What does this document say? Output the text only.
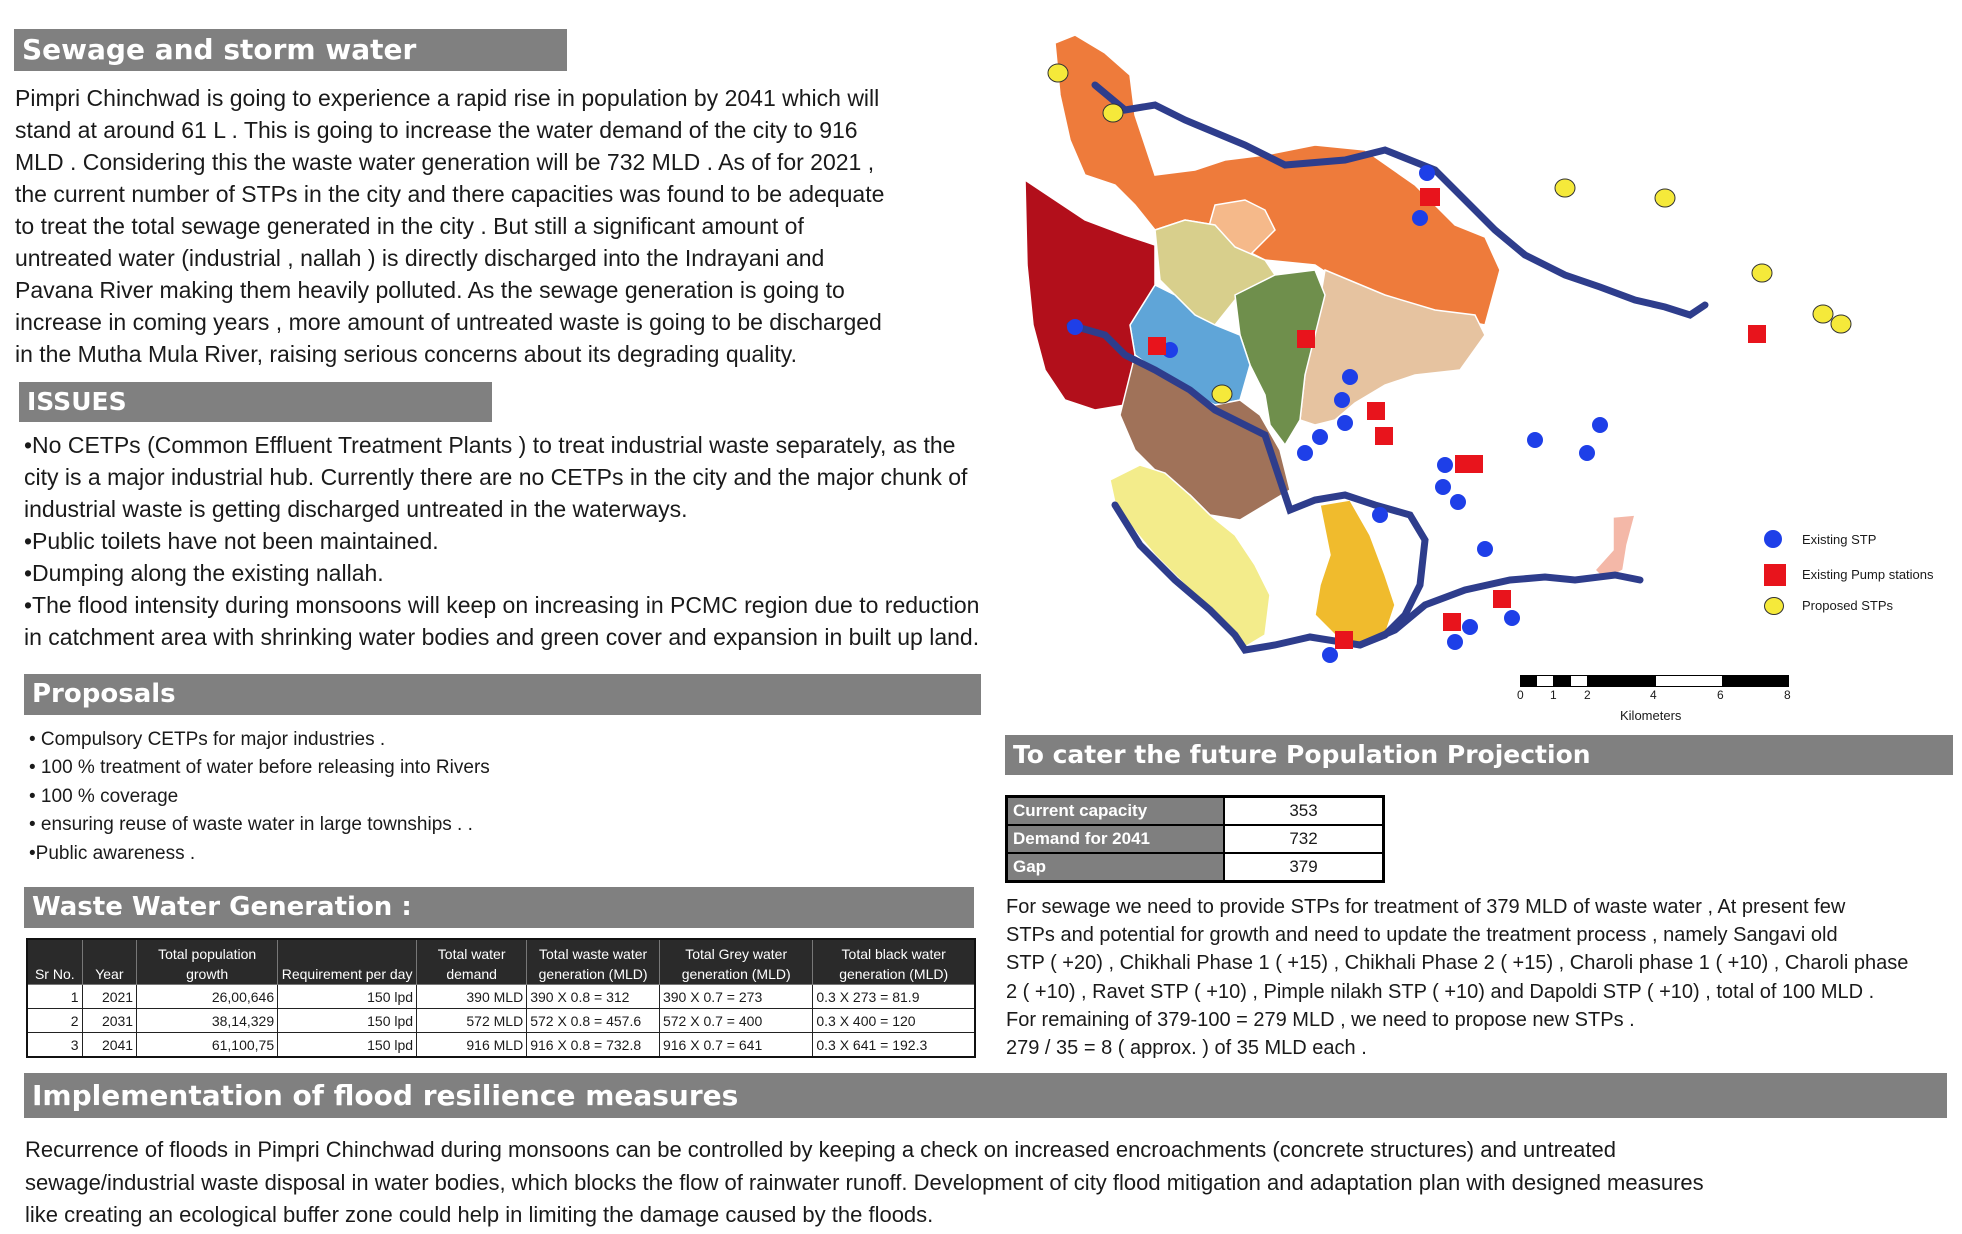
Sewage and storm water
Pimpri Chinchwad is going to experience a rapid rise in population by 2041 which will
stand at around 61 L . This is going to increase the water demand of the city to 916
MLD . Considering this the waste water generation will be 732 MLD . As of for 2021 ,
the current number of STPs in the city and there capacities was found to be adequate
to treat the total sewage generated in the city . But still a significant amount of
untreated water (industrial , nallah ) is directly discharged into the Indrayani and
Pavana River making them heavily polluted. As the sewage generation is going to
increase in coming years , more amount of untreated waste is going to be discharged
in the Mutha Mula River, raising serious concerns about its degrading quality.
ISSUES
•No CETPs (Common Effluent Treatment Plants ) to treat industrial waste separately, as the
city is a major industrial hub. Currently there are no CETPs in the city and the major chunk of
industrial waste is getting discharged untreated in the waterways.
•Public toilets have not been maintained.
•Dumping along the existing nallah.
•The flood intensity during monsoons will keep on increasing in PCMC region due to reduction
in catchment area with shrinking water bodies and green cover and expansion in built up land.
Proposals
• Compulsory CETPs for major industries .
• 100 % treatment of water before releasing into Rivers
• 100 % coverage
• ensuring reuse of waste water in large townships . .
•Public awareness .
Waste Water Generation :
Sr No.	Year	Total population growth	Requirement per day	Total water demand	Total waste water generation (MLD)	Total Grey water generation (MLD)	Total black water generation (MLD)
1	2021	26,00,646	150 lpd	390 MLD	390 X 0.8 = 312	390 X 0.7 = 273	0.3 X 273 = 81.9
2	2031	38,14,329	150 lpd	572 MLD	572 X 0.8 = 457.6	572 X 0.7 = 400	0.3 X 400 = 120
3	2041	61,100,75	150 lpd	916 MLD	916 X 0.8 = 732.8	916 X 0.7 = 641	0.3 X 641 = 192.3
Existing STP
Existing Pump stations
Proposed STPs
0 1 2	4	6	8
Kilometers
To cater the future Population Projection
Current capacity	353
Demand for 2041	732
Gap	379
For sewage we need to provide STPs for treatment of 379 MLD of waste water , At present few
STPs and potential for growth and need to update the treatment process , namely Sangavi old
STP ( +20) , Chikhali Phase 1 ( +15) , Chikhali Phase 2 ( +15) , Charoli phase 1 ( +10) , Charoli phase
2 ( +10) , Ravet STP ( +10) , Pimple nilakh STP ( +10) and Dapoldi STP ( +10) , total of 100 MLD .
For remaining of 379-100 = 279 MLD , we need to propose new STPs .
279 / 35 = 8 ( approx. ) of 35 MLD each .
Implementation of flood resilience measures
Recurrence of floods in Pimpri Chinchwad during monsoons can be controlled by keeping a check on increased encroachments (concrete structures) and untreated
sewage/industrial waste disposal in water bodies, which blocks the flow of rainwater runoff. Development of city flood mitigation and adaptation plan with designed measures
like creating an ecological buffer zone could help in limiting the damage caused by the floods.
